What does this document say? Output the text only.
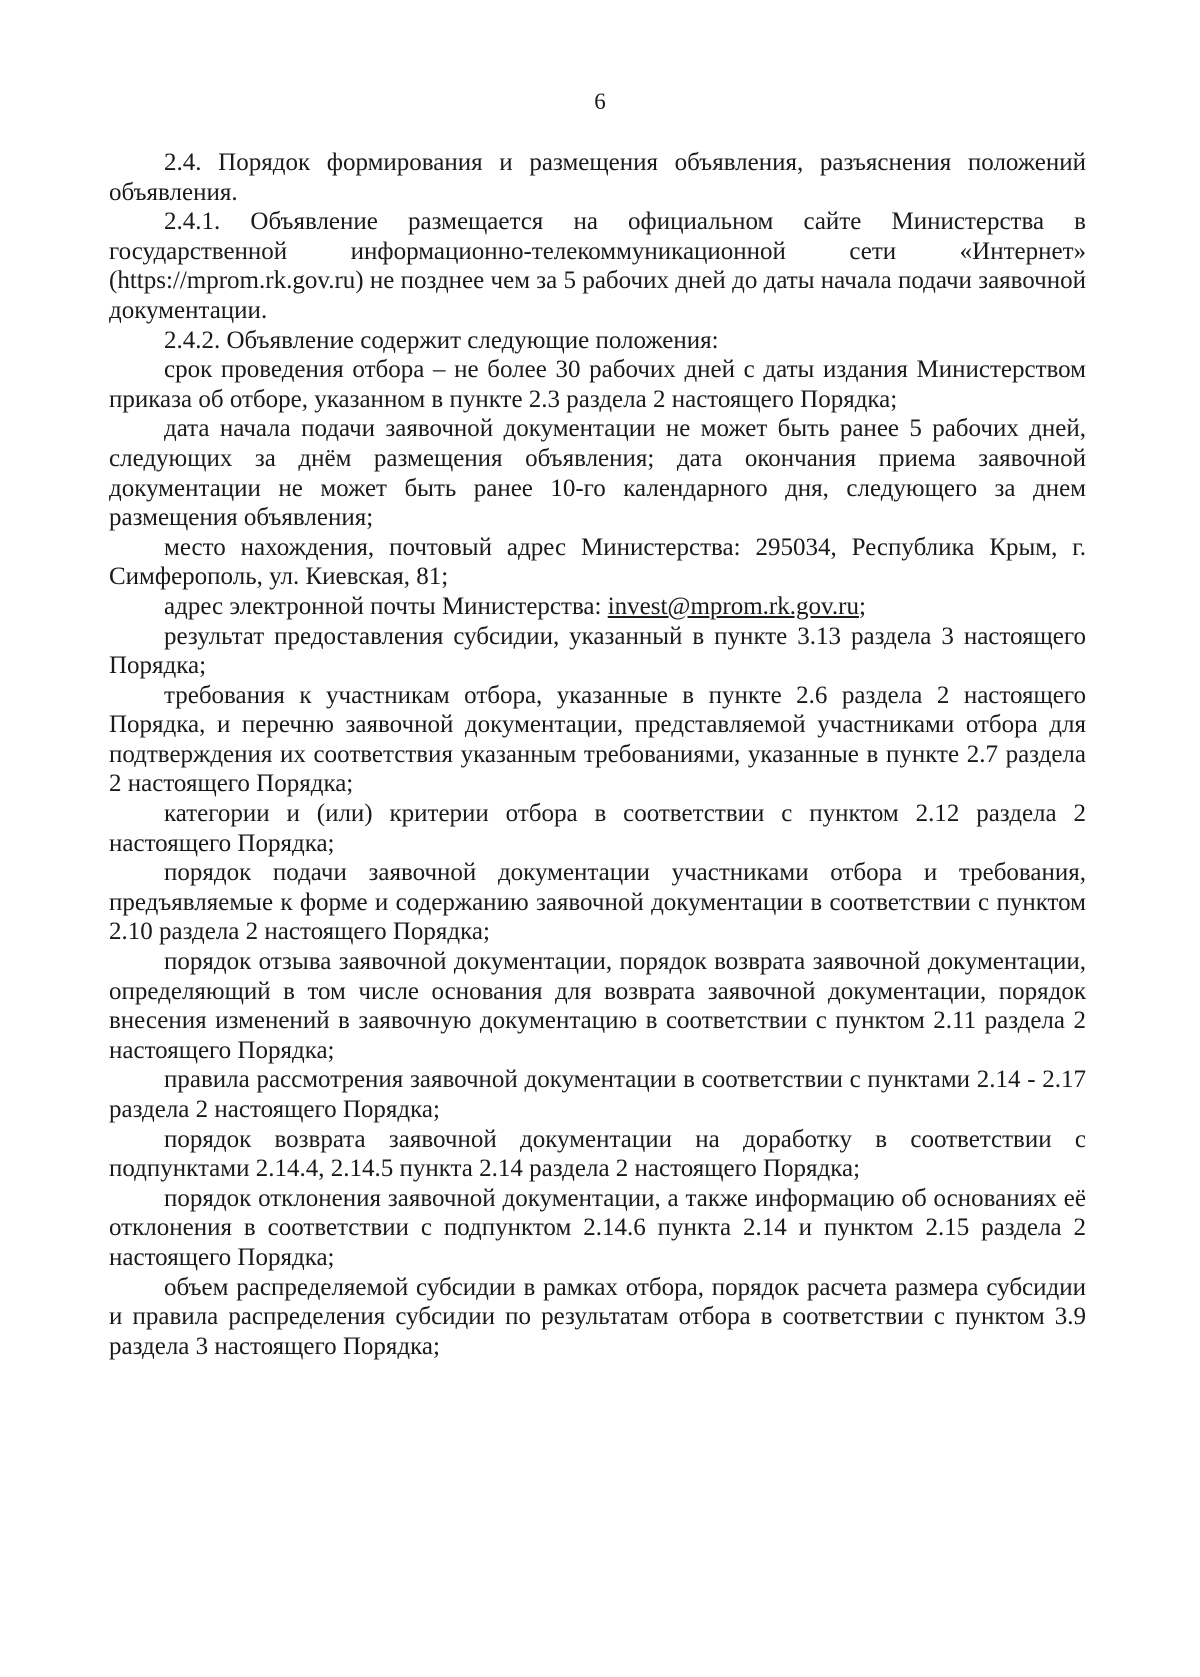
6

2.4. Порядок формирования и размещения объявления, разъяснения положений объявления.

2.4.1. Объявление размещается на официальном сайте Министерства в государственной информационно-телекоммуникационной сети «Интернет» (https://mprom.rk.gov.ru) не позднее чем за 5 рабочих дней до даты начала подачи заявочной документации.

2.4.2. Объявление содержит следующие положения:

срок проведения отбора – не более 30 рабочих дней с даты издания Министерством приказа об отборе, указанном в пункте 2.3 раздела 2 настоящего Порядка;

дата начала подачи заявочной документации не может быть ранее 5 рабочих дней, следующих за днём размещения объявления; дата окончания приема заявочной документации не может быть ранее 10-го календарного дня, следующего за днем размещения объявления;

место нахождения, почтовый адрес Министерства: 295034, Республика Крым, г. Симферополь, ул. Киевская, 81;

адрес электронной почты Министерства: invest@mprom.rk.gov.ru;

результат предоставления субсидии, указанный в пункте 3.13 раздела 3 настоящего Порядка;

требования к участникам отбора, указанные в пункте 2.6 раздела 2 настоящего Порядка, и перечню заявочной документации, представляемой участниками отбора для подтверждения их соответствия указанным требованиями, указанные в пункте 2.7 раздела 2 настоящего Порядка;

категории и (или) критерии отбора в соответствии с пунктом 2.12 раздела 2 настоящего Порядка;

порядок подачи заявочной документации участниками отбора и требования, предъявляемые к форме и содержанию заявочной документации в соответствии с пунктом 2.10 раздела 2 настоящего Порядка;

порядок отзыва заявочной документации, порядок возврата заявочной документации, определяющий в том числе основания для возврата заявочной документации, порядок внесения изменений в заявочную документацию в соответствии с пунктом 2.11 раздела 2 настоящего Порядка;

правила рассмотрения заявочной документации в соответствии с пунктами 2.14 - 2.17 раздела 2 настоящего Порядка;

порядок возврата заявочной документации на доработку в соответствии с подпунктами 2.14.4, 2.14.5 пункта 2.14 раздела 2 настоящего Порядка;

порядок отклонения заявочной документации, а также информацию об основаниях её отклонения в соответствии с подпунктом 2.14.6 пункта 2.14 и пунктом 2.15 раздела 2 настоящего Порядка;

объем распределяемой субсидии в рамках отбора, порядок расчета размера субсидии и правила распределения субсидии по результатам отбора в соответствии с пунктом 3.9 раздела 3 настоящего Порядка;
